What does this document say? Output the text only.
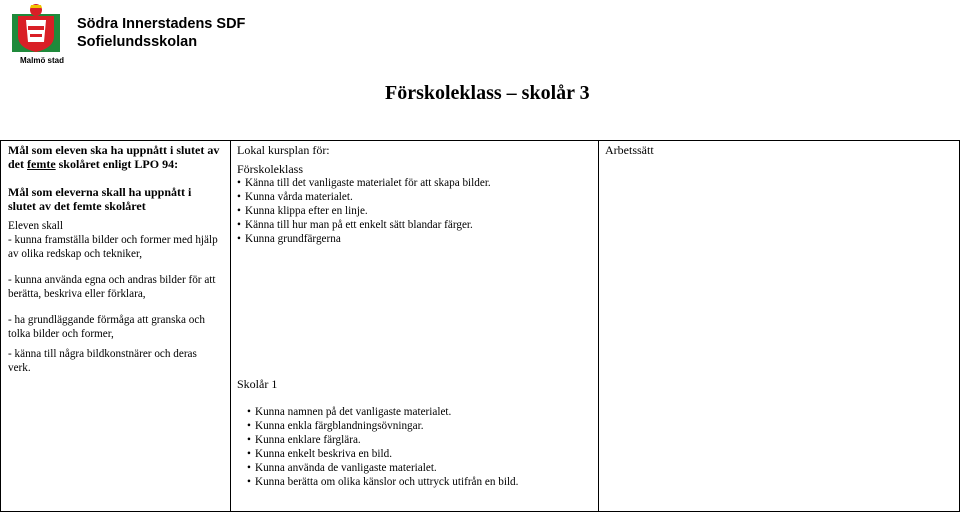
Malmö stad
Södra Innerstadens SDF
Sofielundsskolan
Förskoleklass – skolår 3

Mål som eleven ska ha uppnått i slutet av det femte skolåret enligt LPO 94:

Mål som eleverna skall ha uppnått i slutet av det femte skolåret

Eleven skall

- kunna framställa bilder och former med hjälp av olika redskap och tekniker,

- kunna använda egna och andras bilder för att berätta, beskriva eller förklara,

- ha grundläggande förmåga att granska och tolka bilder och former,

- känna till några bildkonstnärer och deras verk.

Lokal kursplan för:
Förskoleklass
• Känna till det vanligaste materialet för att skapa bilder.
• Kunna vårda materialet.
• Kunna klippa efter en linje.
• Känna till hur man på ett enkelt sätt blandar färger.
• Kunna grundfärgerna
Skolår 1
• Kunna namnen på det vanligaste materialet.
• Kunna enkla färgblandningsövningar.
• Kunna enklare färglära.
• Kunna enkelt beskriva en bild.
• Kunna använda de vanligaste materialet.
• Kunna berätta om olika känslor och uttryck utifrån en bild.
Arbetssätt
